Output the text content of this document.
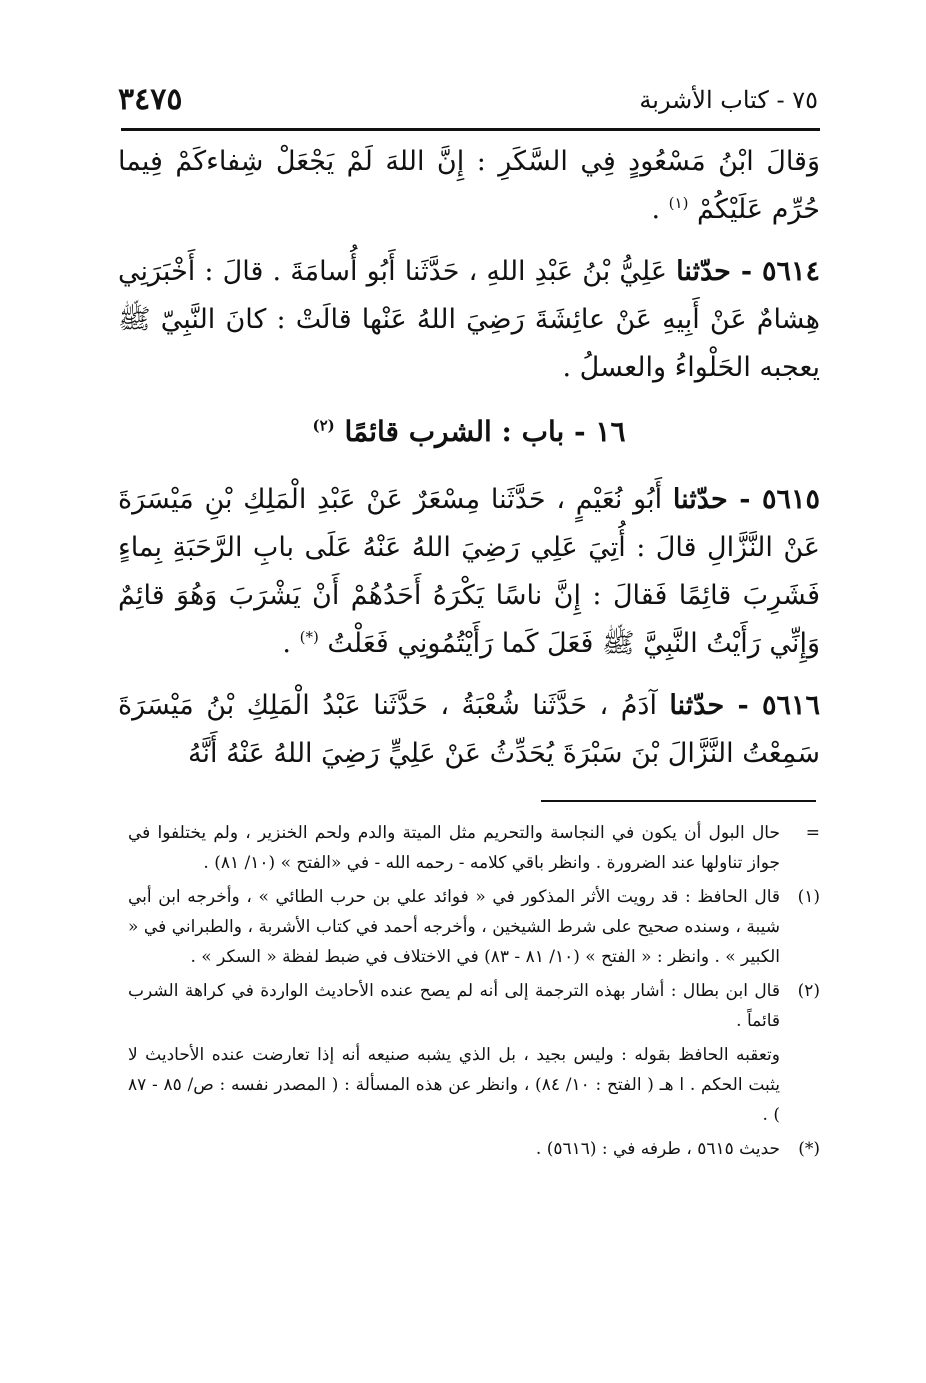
٧٥ - كتاب الأشربة
٣٤٧٥

وَقالَ ابْنُ مَسْعُودٍ فِي السَّكَرِ : إِنَّ اللهَ لَمْ يَجْعَلْ شِفاءكَمْ فِيما حُرِّم عَلَيْكُمْ $^{(١)}$ .

٥٦١٤ - حدّثنا عَلِيُّ بْنُ عَبْدِ اللهِ ، حَدَّثَنا أَبُو أُسامَةَ . قالَ : أَخْبَرَنِي هِشامٌ عَنْ أَبِيهِ عَنْ عائِشَةَ رَضِيَ اللهُ عَنْها قالَتْ : كانَ النَّبِيّ ﷺ يعجبه الحَلْواءُ والعسلُ .

١٦ - باب : الشرب قائمًا $^{(٢)}$

٥٦١٥ - حدّثنا أَبُو نُعَيْمٍ ، حَدَّثَنا مِسْعَرٌ عَنْ عَبْدِ الْمَلِكِ بْنِ مَيْسَرَةَ عَنْ النَّزَّالِ قالَ : أُتِيَ عَلِي رَضِيَ اللهُ عَنْهُ عَلَى بابِ الرَّحَبَةِ بِماءٍ فَشَرِبَ قائِمًا فَقالَ : إِنَّ ناسًا يَكْرَهُ أَحَدُهُمْ أَنْ يَشْرَبَ وَهُوَ قائِمٌ وَإِنِّي رَأَيْتُ النَّبِيَّ ﷺ فَعَلَ كَما رَأَيْتُمُونِي فَعَلْتُ (*) .

٥٦١٦ - حدّثنا آدَمُ ، حَدَّثَنا شُعْبَةُ ، حَدَّثَنا عَبْدُ الْمَلِكِ بْنُ مَيْسَرَةَ سَمِعْتُ النَّزَّالَ بْنَ سَبْرَةَ يُحَدِّثُ عَنْ عَلِيٍّ رَضِيَ اللهُ عَنْهُ أَنَّهُ

=
حال البول أن يكون في النجاسة والتحريم مثل الميتة والدم ولحم الخنزير ، ولم يختلفوا في جواز تناولها عند الضرورة . وانظر باقي كلامه - رحمه الله - في «الفتح » (١٠/ ٨١) .

(١)
قال الحافظ : قد رويت الأثر المذكور في « فوائد علي بن حرب الطائي » ، وأخرجه ابن أبي شيبة ، وسنده صحيح على شرط الشيخين ، وأخرجه أحمد في كتاب الأشربة ، والطبراني في « الكبير » . وانظر : « الفتح » (١٠/ ٨١ - ٨٣) في الاختلاف في ضبط لفظة « السكر » .

(٢)
قال ابن بطال : أشار بهذه الترجمة إلى أنه لم يصح عنده الأحاديث الواردة في كراهة الشرب قائماً .

وتعقبه الحافظ بقوله : وليس بجيد ، بل الذي يشبه صنيعه أنه إذا تعارضت عنده الأحاديث لا يثبت الحكم . ا هـ ( الفتح : ١٠/ ٨٤) ، وانظر عن هذه المسألة : ( المصدر نفسه : ص/ ٨٥ - ٨٧ ) .

(*)
حديث ٥٦١٥ ، طرفه في : (٥٦١٦) .
